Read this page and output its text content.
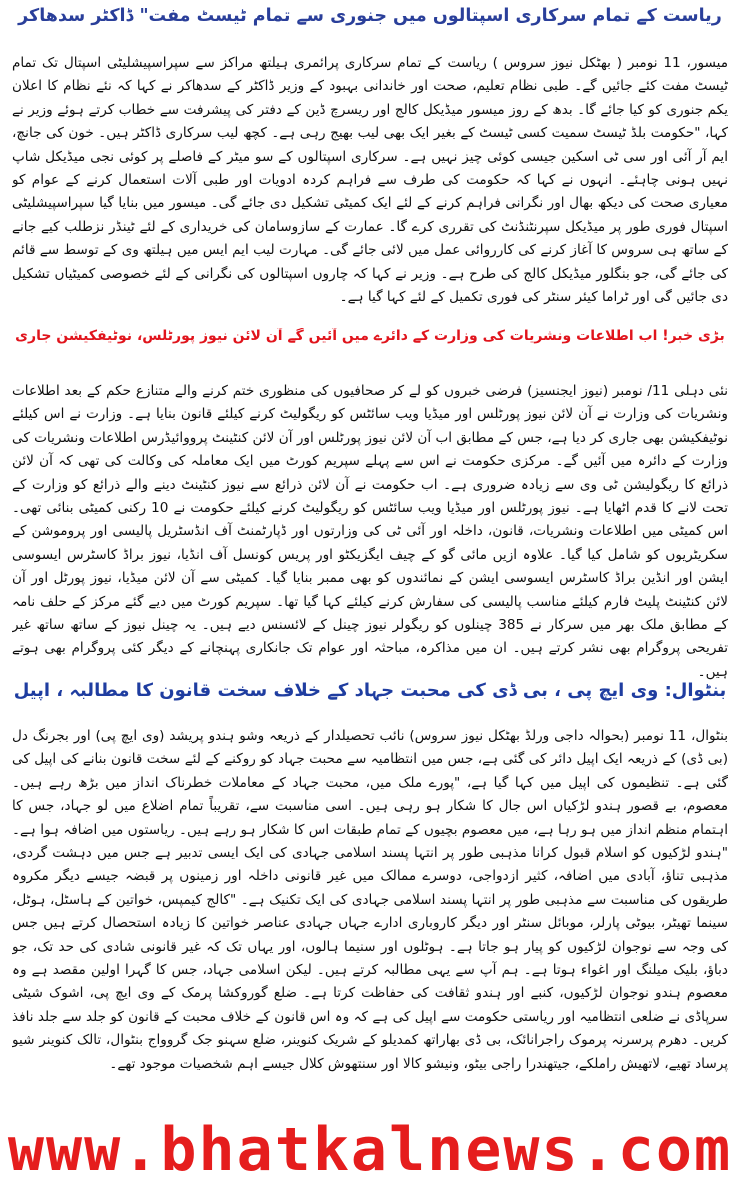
ریاست کے تمام سرکاری اسپتالوں میں جنوری سے تمام ٹیسٹ مفت" ڈاکٹر سدھاکر

میسور، 11 نومبر ( بھٹکل نیوز سروس ) ریاست کے تمام سرکاری پرائمری ہیلتھ مراکز سے سپراسپیشلیٹی اسپتال تک تمام ٹیسٹ مفت کئے جائیں گے۔ طبی نظام تعلیم، صحت اور خاندانی بہبود کے وزیر ڈاکٹر کے سدھاکر نے کہا کہ نئے نظام کا اعلان یکم جنوری کو کیا جائے گا۔ بدھ کے روز میسور میڈیکل کالج اور ریسرچ ڈین کے دفتر کی پیشرفت سے خطاب کرتے ہوئے وزیر نے کہا، "حکومت بلڈ ٹیسٹ سمیت کسی ٹیسٹ کے بغیر ایک بھی لیب بھیج رہی ہے۔ کچھ لیب سرکاری ڈاکٹر ہیں۔ خون کی جانچ، ایم آر آئی اور سی ٹی اسکین جیسی کوئی چیز نہیں ہے۔ سرکاری اسپتالوں کے سو میٹر کے فاصلے پر کوئی نجی میڈیکل شاپ نہیں ہونی چاہئے۔ انہوں نے کہا کہ حکومت کی طرف سے فراہم کردہ ادویات اور طبی آلات استعمال کرنے کے عوام کو معیاری صحت کی دیکھ بھال اور نگرانی فراہم کرنے کے لئے ایک کمیٹی تشکیل دی جائے گی۔ میسور میں بنایا گیا سپراسپیشلیٹی اسپتال فوری طور پر میڈیکل سپرنٹنڈنٹ کی تقرری کرے گا۔ عمارت کے سازوسامان کی خریداری کے لئے ٹینڈر نزطلب کیے جانے کے ساتھ ہی سروس کا آغاز کرنے کی کارروائی عمل میں لائی جائے گی۔ مہارت لیب ایم ایس میں ہیلتھ وی کے توسط سے قائم کی جائے گی، جو بنگلور میڈیکل کالج کی طرح ہے۔ وزیر نے کہا کہ چاروں اسپتالوں کی نگرانی کے لئے خصوصی کمیٹیاں تشکیل دی جائیں گی اور ٹراما کیئر سنٹر کی فوری تکمیل کے لئے کہا گیا ہے۔

بڑی خبر! اب اطلاعات ونشریات کی وزارت کے دائرے میں آئیں گے آن لائن نیوز پورٹلس، نوٹیفکیشن جاری

نئی دہلی 11/ نومبر (نیوز ایجنسیز) فرضی خبروں کو لے کر صحافیوں کی منظوری ختم کرنے والے متنازع حکم کے بعد اطلاعات ونشریات کی وزارت نے آن لائن نیوز پورٹلس اور میڈیا ویب سائٹس کو ریگولیٹ کرنے کیلئے قانون بنایا ہے۔ وزارت نے اس کیلئے نوٹیفکیشن بھی جاری کر دیا ہے، جس کے مطابق اب آن لائن نیوز پورٹلس اور آن لائن کنٹینٹ پرووائیڈرس اطلاعات ونشریات کی وزارت کے دائرہ میں آئیں گے۔ مرکزی حکومت نے اس سے پہلے سپریم کورٹ میں ایک معاملہ کی وکالت کی تھی کہ آن لائن ذرائع کا ریگولیشن ٹی وی سے زیادہ ضروری ہے۔ اب حکومت نے آن لائن ذرائع سے نیوز کنٹینٹ دینے والے ذرائع کو وزارت کے تحت لانے کا قدم اٹھایا ہے۔ نیوز پورٹلس اور میڈیا ویب سائٹس کو ریگولیٹ کرنے کیلئے حکومت نے 10 رکنی کمیٹی بنائی تھی۔ اس کمیٹی میں اطلاعات ونشریات، قانون، داخلہ اور آئی ٹی کی وزارتوں اور ڈپارٹمنٹ آف انڈسٹریل پالیسی اور پروموشن کے سکریٹریوں کو شامل کیا گیا۔ علاوہ ازیں مائی گو کے چیف ایگزیکٹو اور پریس کونسل آف انڈیا، نیوز براڈ کاسٹرس ایسوسی ایشن اور انڈین براڈ کاسٹرس ایسوسی ایشن کے نمائندوں کو بھی ممبر بنایا گیا۔ کمیٹی سے آن لائن میڈیا، نیوز پورٹل اور آن لائن کنٹینٹ پلیٹ فارم کیلئے مناسب پالیسی کی سفارش کرنے کیلئے کہا گیا تھا۔ سپریم کورٹ میں دیے گئے مرکز کے حلف نامہ کے مطابق ملک بھر میں سرکار نے 385 چینلوں کو ریگولر نیوز چینل کے لائسنس دیے ہیں۔ یہ چینل نیوز کے ساتھ ساتھ غیر تفریحی پروگرام بھی نشر کرتے ہیں۔ ان میں مذاکرہ، مباحثہ اور عوام تک جانکاری پہنچانے کے دیگر کئی پروگرام بھی ہوتے ہیں۔

بنٹوال: وی ایچ پی ، بی ڈی کی محبت جہاد کے خلاف سخت قانون کا مطالبہ ، اپیل

بنٹوال، 11 نومبر (بحوالہ داجی ورلڈ بھٹکل نیوز سروس) نائب تحصیلدار کے ذریعہ وشو ہندو پریشد (وی ایچ پی) اور بجرنگ دل (بی ڈی) کے ذریعہ ایک اپیل دائر کی گئی ہے، جس میں انتظامیہ سے محبت جہاد کو روکنے کے لئے سخت قانون بنانے کی اپیل کی گئی ہے۔ تنظیموں کی اپیل میں کہا گیا ہے، "پورے ملک میں، محبت جہاد کے معاملات خطرناک انداز میں بڑھ رہے ہیں۔ معصوم، بے قصور ہندو لڑکیاں اس جال کا شکار ہو رہی ہیں۔ اسی مناسبت سے، تقریباً تمام اضلاع میں لو جہاد، جس کا اہتمام منظم انداز میں ہو رہا ہے، میں معصوم بچیوں کے تمام طبقات اس کا شکار ہو رہے ہیں۔ ریاستوں میں اضافہ ہوا ہے۔ "ہندو لڑکیوں کو اسلام قبول کرانا مذہبی طور پر انتہا پسند اسلامی جہادی کی ایک ایسی تدبیر ہے جس میں دہشت گردی، مذہبی تناؤ، آبادی میں اضافہ، کثیر ازدواجی، دوسرے ممالک میں غیر قانونی داخلہ اور زمینوں پر قبضہ جیسے دیگر مکروہ طریقوں کی مناسبت سے مذہبی طور پر انتہا پسند اسلامی جہادی کی ایک تکنیک ہے۔ "کالج کیمپس، خواتین کے ہاسٹل، ہوٹل، سینما تھیٹر، بیوٹی پارلر، موبائل سنٹر اور دیگر کاروباری ادارے جہاں جہادی عناصر خواتین کا زیادہ استحصال کرتے ہیں جس کی وجہ سے نوجوان لڑکیوں کو پیار ہو جاتا ہے۔ ہوٹلوں اور سنیما ہالوں، اور یہاں تک کہ غیر قانونی شادی کی حد تک، جو دباؤ، بلیک میلنگ اور اغواء ہوتا ہے۔ ہم آپ سے یہی مطالبہ کرتے ہیں۔ لیکن اسلامی جہاد، جس کا گہرا اولین مقصد ہے وہ معصوم ہندو نوجوان لڑکیوں، کنبے اور ہندو ثقافت کی حفاظت کرتا ہے۔ ضلع گوروکشا پرمک کے وی ایچ پی، اشوک شیٹی سرپاڈی نے ضلعی انتظامیہ اور ریاستی حکومت سے اپیل کی ہے کہ وہ اس قانون کے خلاف محبت کے قانون کو جلد سے جلد نافذ کریں۔ دھرم پرسرنہ پرموک راجرانائک، بی ڈی بھاراتھ کمدیلو کے شریک کنوینر، ضلع سہنو جک گروواج بنٹوال، تالک کنوینر شیو پرساد تھیے، لاتھیش راملکے، جیتھندرا راجی بیٹو، ونیشو کالا اور سنتھوش کلال جیسے اہم شخصیات موجود تھے۔

www.bhatkalnews.com
